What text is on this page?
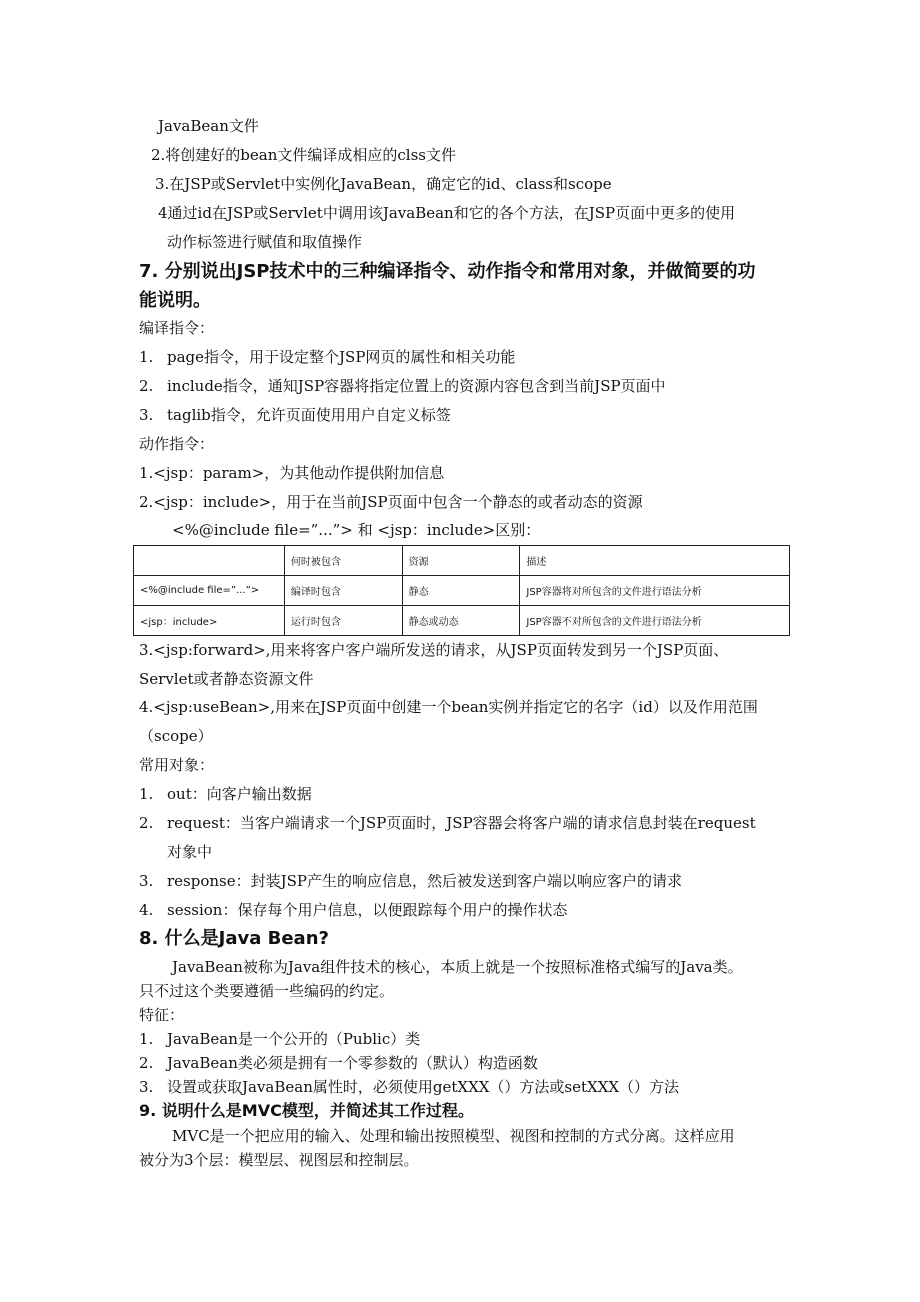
JavaBean文件
2.将创建好的bean文件编译成相应的clss文件
3.在JSP或Servlet中实例化JavaBean，确定它的id、class和scope
4通过id在JSP或Servlet中调用该JavaBean和它的各个方法，在JSP页面中更多的使用
动作标签进行赋值和取值操作
7. 分别说出JSP技术中的三种编译指令、动作指令和常用对象，并做简要的功
能说明。
编译指令：
1. page指令，用于设定整个JSP网页的属性和相关功能
2. include指令，通知JSP容器将指定位置上的资源内容包含到当前JSP页面中
3. taglib指令，允许页面使用用户自定义标签
动作指令：
1.<jsp：param>，为其他动作提供附加信息
2.<jsp：include>，用于在当前JSP页面中包含一个静态的或者动态的资源
<%@include file=”...”> 和 <jsp：include>区别：
	何时被包含	资源	描述
<%@include file=”...”>	编译时包含	静态	JSP容器将对所包含的文件进行语法分析
<jsp：include>	运行时包含	静态或动态	JSP容器不对所包含的文件进行语法分析
3.<jsp:forward>,用来将客户客户端所发送的请求，从JSP页面转发到另一个JSP页面、
Servlet或者静态资源文件
4.<jsp:useBean>,用来在JSP页面中创建一个bean实例并指定它的名字（id）以及作用范围
（scope）
常用对象：
1. out：向客户输出数据
2. request：当客户端请求一个JSP页面时，JSP容器会将客户端的请求信息封装在request
对象中
3. response：封装JSP产生的响应信息，然后被发送到客户端以响应客户的请求
4. session：保存每个用户信息，以便跟踪每个用户的操作状态
8. 什么是Java Bean?
JavaBean被称为Java组件技术的核心，本质上就是一个按照标准格式编写的Java类。
只不过这个类要遵循一些编码的约定。
特征：
1. JavaBean是一个公开的（Public）类
2. JavaBean类必须是拥有一个零参数的（默认）构造函数
3. 设置或获取JavaBean属性时，必须使用getXXX（）方法或setXXX（）方法
9. 说明什么是MVC模型，并简述其工作过程。
MVC是一个把应用的输入、处理和输出按照模型、视图和控制的方式分离。这样应用
被分为3个层：模型层、视图层和控制层。
